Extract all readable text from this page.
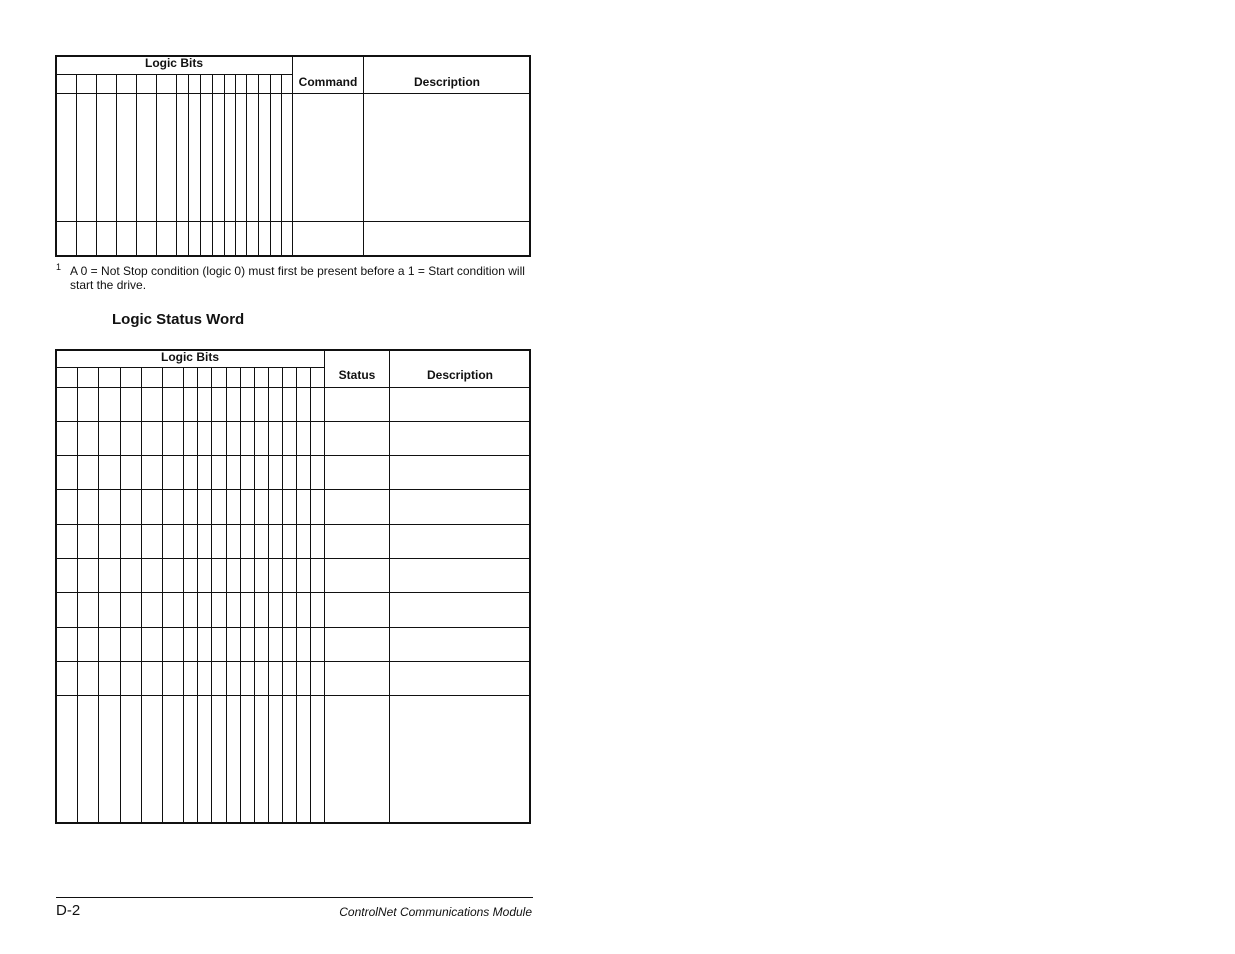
Logic Bits
Command	Description
1 A 0 = Not Stop condition (logic 0) must first be present before a 1 = Start condition will start the drive.
Logic Status Word
Logic Bits
Status	Description
D-2	ControlNet Communications Module
